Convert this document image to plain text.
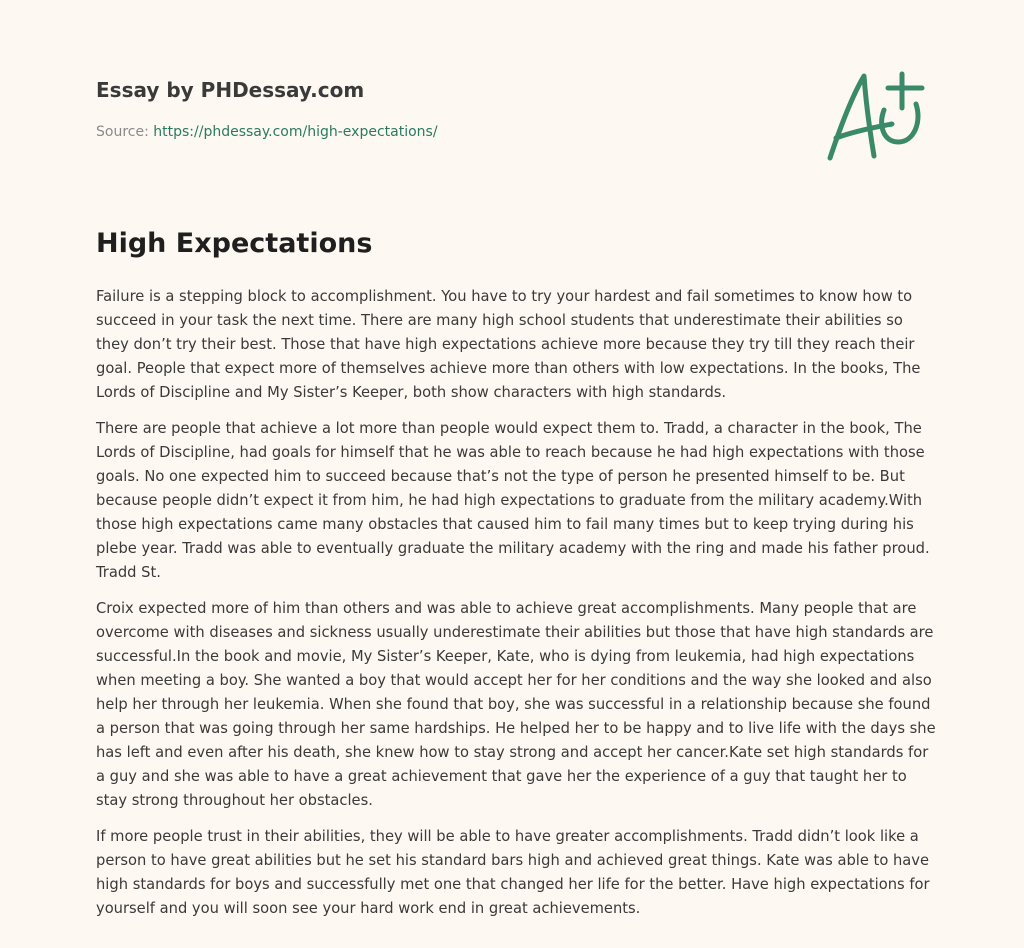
Essay by PHDessay.com
Source: https://phdessay.com/high-expectations/
High Expectations

Failure is a stepping block to accomplishment. You have to try your hardest and fail sometimes to know how to succeed in your task the next time. There are many high school students that underestimate their abilities so they don’t try their best. Those that have high expectations achieve more because they try till they reach their goal. People that expect more of themselves achieve more than others with low expectations. In the books, The Lords of Discipline and My Sister’s Keeper, both show characters with high standards.

There are people that achieve a lot more than people would expect them to. Tradd, a character in the book, The Lords of Discipline, had goals for himself that he was able to reach because he had high expectations with those goals. No one expected him to succeed because that’s not the type of person he presented himself to be. But because people didn’t expect it from him, he had high expectations to graduate from the military academy.With those high expectations came many obstacles that caused him to fail many times but to keep trying during his plebe year. Tradd was able to eventually graduate the military academy with the ring and made his father proud. Tradd St.

Croix expected more of him than others and was able to achieve great accomplishments. Many people that are overcome with diseases and sickness usually underestimate their abilities but those that have high standards are successful.In the book and movie, My Sister’s Keeper, Kate, who is dying from leukemia, had high expectations when meeting a boy. She wanted a boy that would accept her for her conditions and the way she looked and also help her through her leukemia. When she found that boy, she was successful in a relationship because she found a person that was going through her same hardships. He helped her to be happy and to live life with the days she has left and even after his death, she knew how to stay strong and accept her cancer.Kate set high standards for a guy and she was able to have a great achievement that gave her the experience of a guy that taught her to stay strong throughout her obstacles.

If more people trust in their abilities, they will be able to have greater accomplishments. Tradd didn’t look like a person to have great abilities but he set his standard bars high and achieved great things. Kate was able to have high standards for boys and successfully met one that changed her life for the better. Have high expectations for yourself and you will soon see your hard work end in great achievements.
